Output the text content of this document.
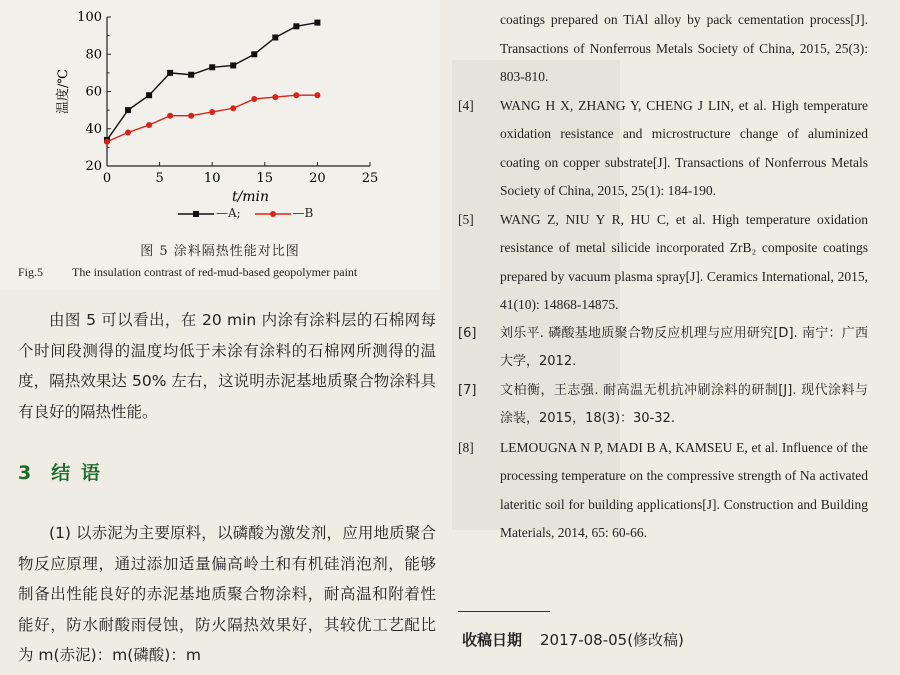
0	5	10	15	20	25
20
40
60
80
100
t/min
温度/℃
—A;	—B
图 5 涂料隔热性能对比图
Fig.5 The insulation contrast of red-mud-based geopolymer paint
由图 5 可以看出，在 20 min 内涂有涂料层的石棉网每个时间段测得的温度均低于未涂有涂料的石棉网所测得的温度，隔热效果达 50% 左右，这说明赤泥基地质聚合物涂料具有良好的隔热性能。
3 结 语
(1) 以赤泥为主要原料，以磷酸为激发剂，应用地质聚合物反应原理，通过添加适量偏高岭土和有机硅消泡剂，能够制备出性能良好的赤泥基地质聚合物涂料，耐高温和附着性能好，防水耐酸雨侵蚀，防火隔热效果好，其较优工艺配比为 m(赤泥)：m(磷酸)：m
coatings prepared on TiAl alloy by pack cementation process[J]. Transactions of Nonferrous Metals Society of China, 2015, 25(3): 803-810.
[4] WANG H X, ZHANG Y, CHENG J LIN, et al. High temperature oxidation resistance and microstructure change of aluminized coating on copper substrate[J]. Transactions of Nonferrous Metals Society of China, 2015, 25(1): 184-190.
[5] WANG Z, NIU Y R, HU C, et al. High temperature oxidation resistance of metal silicide incorporated ZrB₂ composite coatings prepared by vacuum plasma spray[J]. Ceramics International, 2015, 41(10): 14868-14875.
[6] 刘乐平. 磷酸基地质聚合物反应机理与应用研究[D]. 南宁：广西大学，2012.
[7] 文柏衡，王志强. 耐高温无机抗冲刷涂料的研制[J]. 现代涂料与涂装，2015，18(3)：30-32.
[8] LEMOUGNA N P, MADI B A, KAMSEU E, et al. Influence of the processing temperature on the compressive strength of Na activated lateritic soil for building applications[J]. Construction and Building Materials, 2014, 65: 60-66.
收稿日期 2017-08-05(修改稿)
